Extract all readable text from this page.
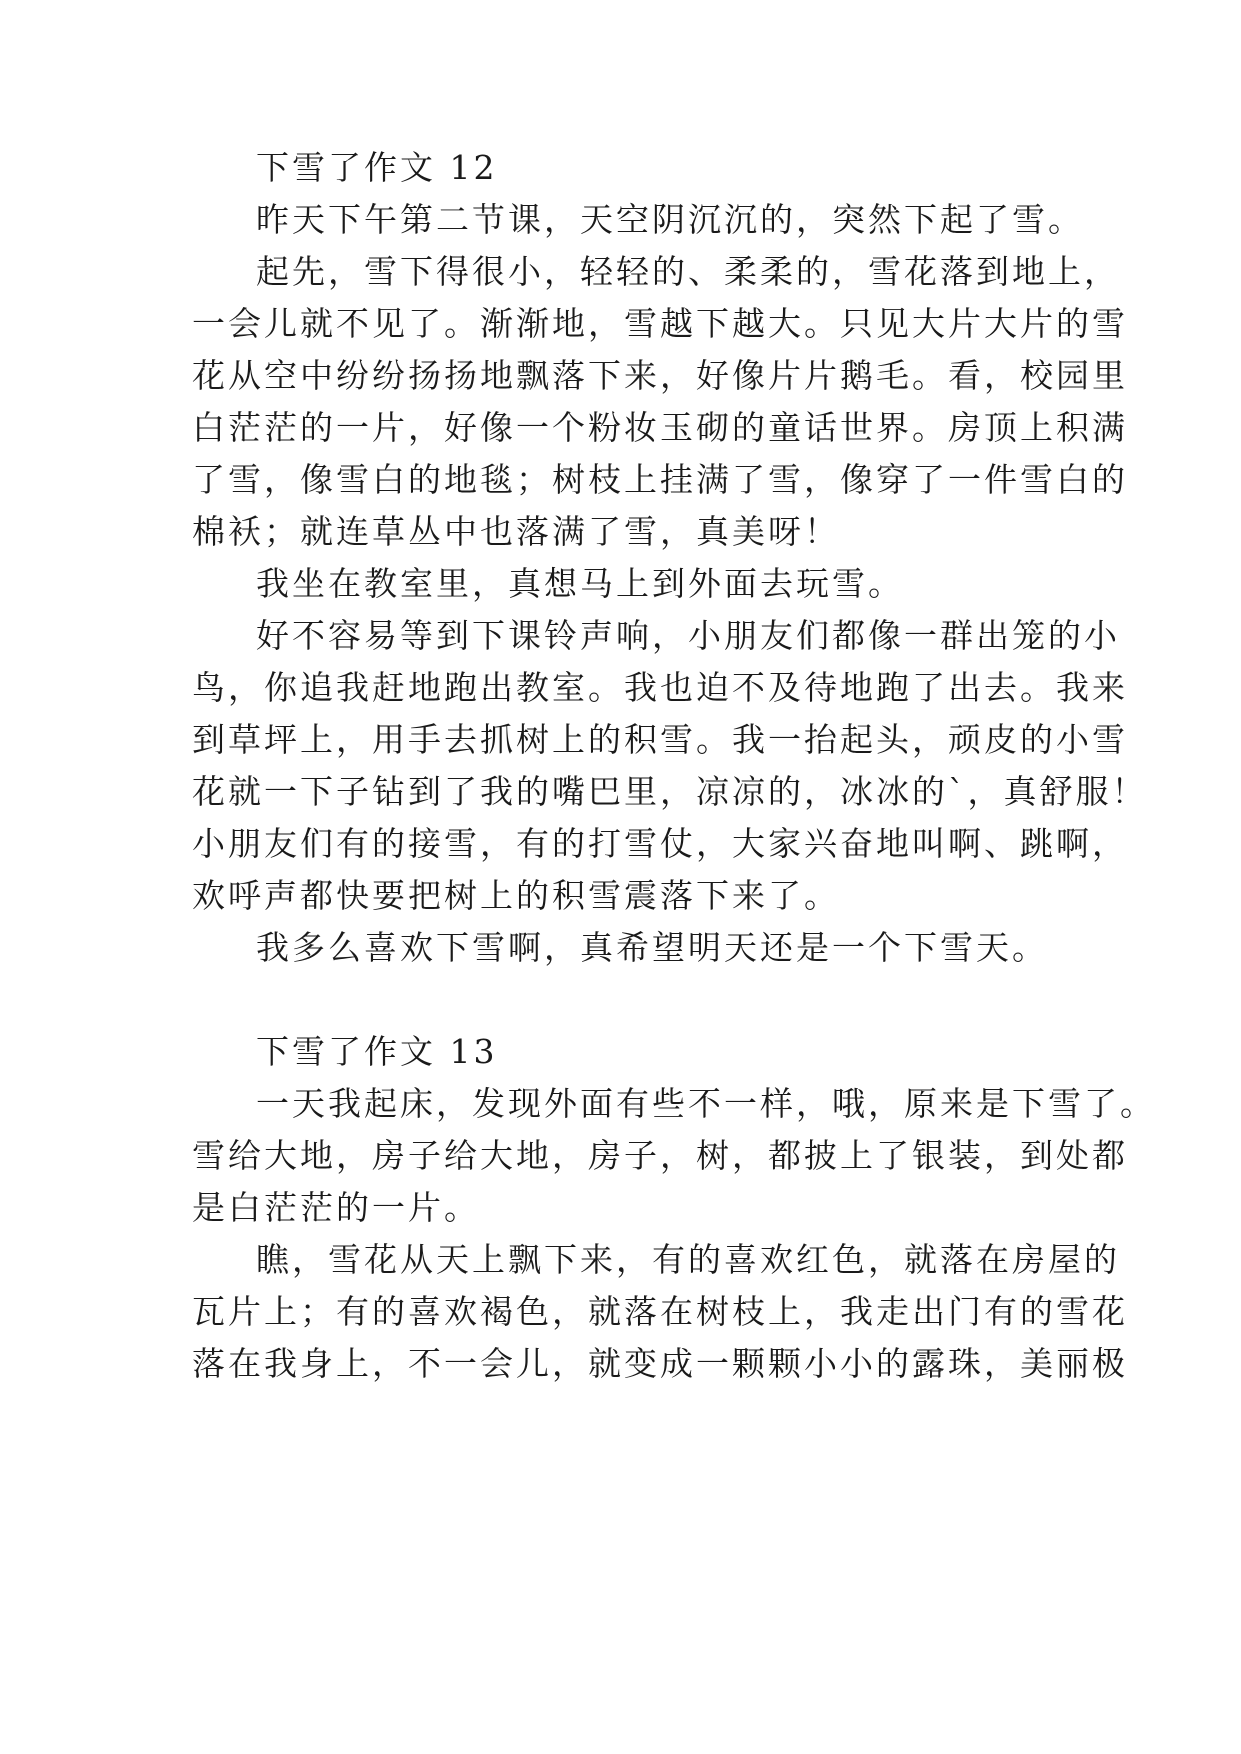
下雪了作文 12
昨天下午第二节课，天空阴沉沉的，突然下起了雪。
起先，雪下得很小，轻轻的、柔柔的，雪花落到地上，
一会儿就不见了。渐渐地，雪越下越大。只见大片大片的雪
花从空中纷纷扬扬地飘落下来，好像片片鹅毛。看，校园里
白茫茫的一片，好像一个粉妆玉砌的童话世界。房顶上积满
了雪，像雪白的地毯；树枝上挂满了雪，像穿了一件雪白的
棉袄；就连草丛中也落满了雪，真美呀！
我坐在教室里，真想马上到外面去玩雪。
好不容易等到下课铃声响，小朋友们都像一群出笼的小
鸟，你追我赶地跑出教室。我也迫不及待地跑了出去。我来
到草坪上，用手去抓树上的积雪。我一抬起头，顽皮的小雪
花就一下子钻到了我的嘴巴里，凉凉的，冰冰的`，真舒服！
小朋友们有的接雪，有的打雪仗，大家兴奋地叫啊、跳啊，
欢呼声都快要把树上的积雪震落下来了。
我多么喜欢下雪啊，真希望明天还是一个下雪天。
下雪了作文 13
一天我起床，发现外面有些不一样，哦，原来是下雪了。
雪给大地，房子给大地，房子，树，都披上了银装，到处都
是白茫茫的一片。
瞧，雪花从天上飘下来，有的喜欢红色，就落在房屋的
瓦片上；有的喜欢褐色，就落在树枝上，我走出门有的雪花
落在我身上，不一会儿，就变成一颗颗小小的露珠，美丽极
